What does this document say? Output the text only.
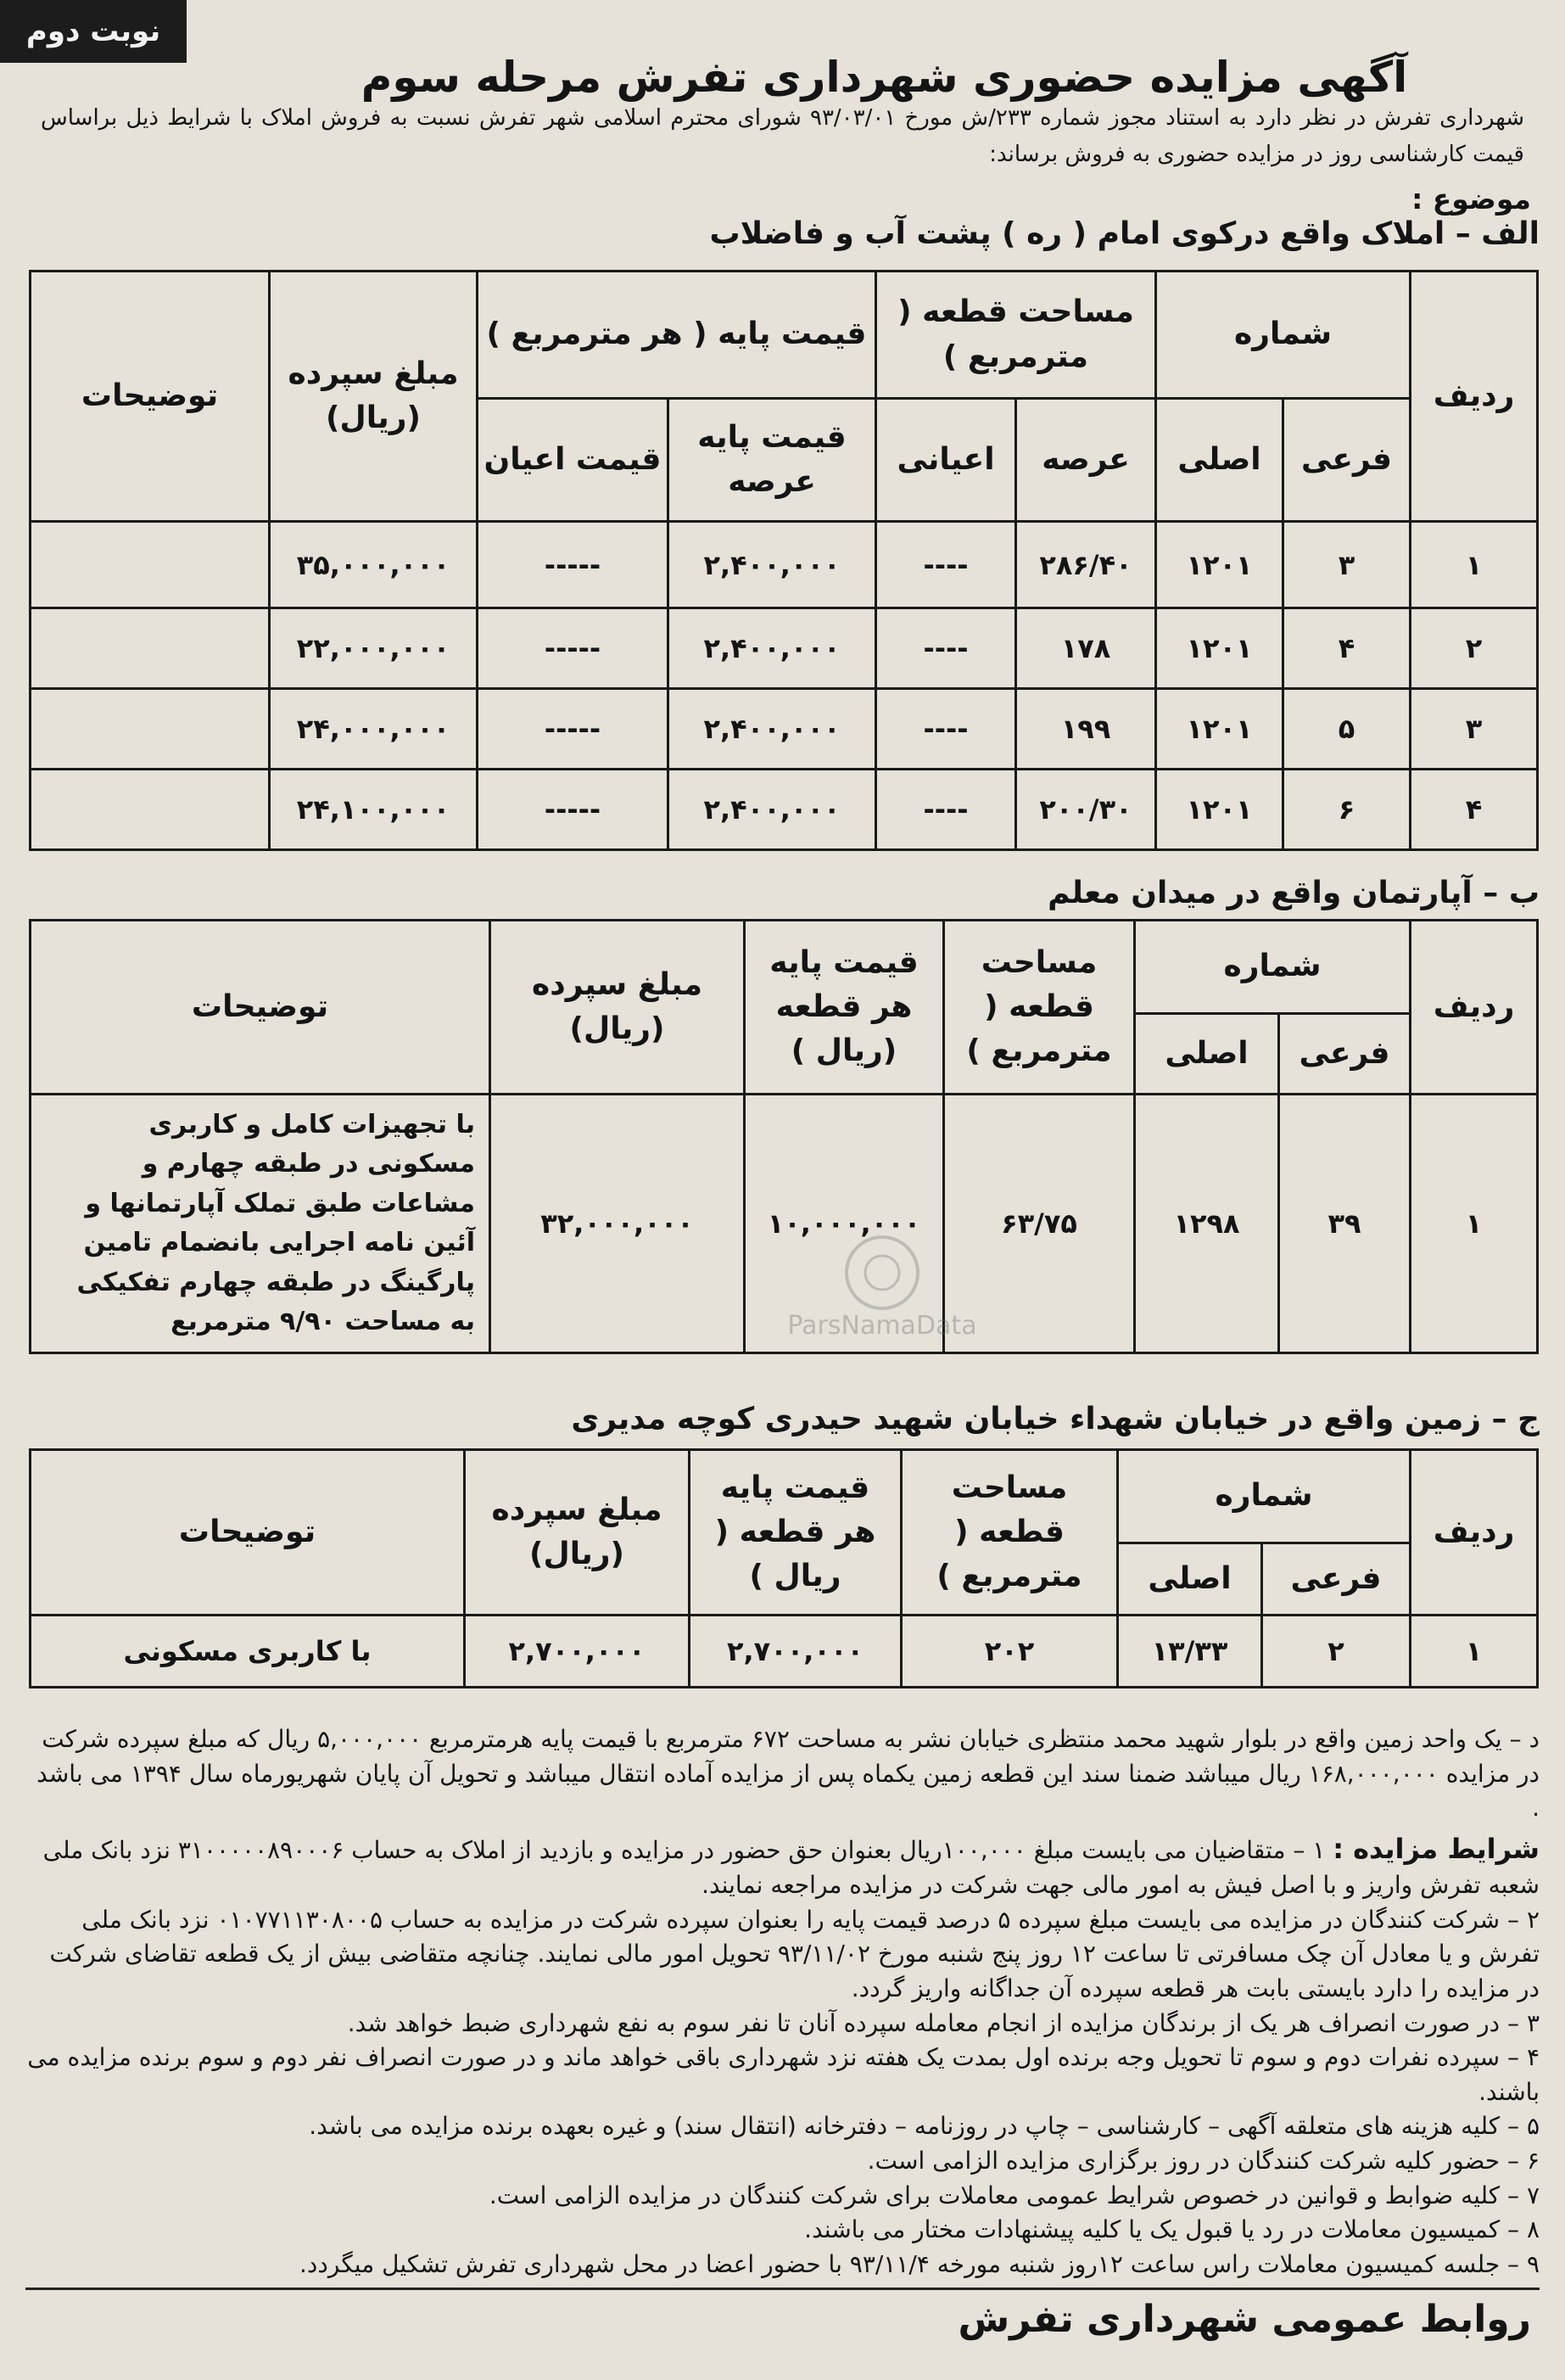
نوبت دوم
آگهی مزایده حضوری شهرداری تفرش مرحله سوم
شهرداری تفرش در نظر دارد به استناد مجوز شماره ۲۳۳/ش مورخ ۹۳/۰۳/۰۱ شورای محترم اسلامی شهر تفرش نسبت به فروش املاک با شرایط ذیل براساس قیمت کارشناسی روز در مزایده حضوری به فروش برساند:
موضوع :
الف – املاک واقع درکوی امام ( ره ) پشت آب و فاضلاب
ردیف	شماره		مساحت قطعه ( مترمربع )		قیمت پایه ( هر مترمربع )		مبلغ سپرده (ریال)	توضیحات
	فرعی	اصلی	عرصه	اعیانی	قیمت پایه عرصه	قیمت اعیان		
۱	۳	۱۲۰۱	۲۸۶/۴۰	----	۲,۴۰۰,۰۰۰	-----	۳۵,۰۰۰,۰۰۰	
۲	۴	۱۲۰۱	۱۷۸	----	۲,۴۰۰,۰۰۰	-----	۲۲,۰۰۰,۰۰۰	
۳	۵	۱۲۰۱	۱۹۹	----	۲,۴۰۰,۰۰۰	-----	۲۴,۰۰۰,۰۰۰	
۴	۶	۱۲۰۱	۲۰۰/۳۰	----	۲,۴۰۰,۰۰۰	-----	۲۴,۱۰۰,۰۰۰	
ب – آپارتمان واقع در میدان معلم
ردیف	شماره		مساحت قطعه ( مترمربع )	قیمت پایه هر قطعه (ریال )	مبلغ سپرده (ریال)	توضیحات
	فرعی	اصلی				
۱	۳۹	۱۲۹۸	۶۳/۷۵	۱۰,۰۰۰,۰۰۰	۳۲,۰۰۰,۰۰۰	با تجهیزات کامل و کاربری مسکونی در طبقه چهارم و مشاعات طبق تملک آپارتمانها و آئین نامه اجرایی بانضمام تامین پارگینگ در طبقه چهارم تفکیکی به مساحت ۹/۹۰ مترمربع	ParsNamaData
ج – زمین واقع در خیابان شهداء خیابان شهید حیدری کوچه مدیری
ردیف	شماره		مساحت قطعه ( مترمربع )	قیمت پایه هر قطعه ( ریال )	مبلغ سپرده (ریال)	توضیحات
	فرعی	اصلی				
۱	۲	۱۳/۳۳	۲۰۲	۲,۷۰۰,۰۰۰	۲,۷۰۰,۰۰۰	با کاربری مسکونی

د – یک واحد زمین واقع در بلوار شهید محمد منتظری خیابان نشر به مساحت ۶۷۲ مترمربع با قیمت پایه هرمترمربع ۵,۰۰۰,۰۰۰ ریال که مبلغ سپرده شرکت در مزایده ۱۶۸,۰۰۰,۰۰۰ ریال میباشد ضمنا سند این قطعه زمین یکماه پس از مزایده آماده انتقال میباشد و تحویل آن پایان شهریورماه سال ۱۳۹۴ می باشد .

شرایط مزایده : ۱ – متقاضیان می بایست مبلغ ۱۰۰,۰۰۰ریال بعنوان حق حضور در مزایده و بازدید از املاک به حساب ۳۱۰۰۰۰۰۸۹۰۰۰۶ نزد بانک ملی شعبه تفرش واریز و با اصل فیش به امور مالی جهت شرکت در مزایده مراجعه نمایند.

۲ – شرکت کنندگان در مزایده می بایست مبلغ سپرده ۵ درصد قیمت پایه را بعنوان سپرده شرکت در مزایده به حساب ۰۱۰۷۷۱۱۳۰۸۰۰۵ نزد بانک ملی تفرش و یا معادل آن چک مسافرتی تا ساعت ۱۲ روز پنج شنبه مورخ ۹۳/۱۱/۰۲ تحویل امور مالی نمایند. چنانچه متقاضی بیش از یک قطعه تقاضای شرکت در مزایده را دارد بایستی بابت هر قطعه سپرده آن جداگانه واریز گردد.

۳ – در صورت انصراف هر یک از برندگان مزایده از انجام معامله سپرده آنان تا نفر سوم به نفع شهرداری ضبط خواهد شد.

۴ – سپرده نفرات دوم و سوم تا تحویل وجه برنده اول بمدت یک هفته نزد شهرداری باقی خواهد ماند و در صورت انصراف نفر دوم و سوم برنده مزایده می باشند.

۵ – کلیه هزینه های متعلقه آگهی – کارشناسی – چاپ در روزنامه – دفترخانه (انتقال سند) و غیره بعهده برنده مزایده می باشد.

۶ – حضور کلیه شرکت کنندگان در روز برگزاری مزایده الزامی است.

۷ – کلیه ضوابط و قوانین در خصوص شرایط عمومی معاملات برای شرکت کنندگان در مزایده الزامی است.

۸ – کمیسیون معاملات در رد یا قبول یک یا کلیه پیشنهادات مختار می باشند.

۹ – جلسه کمیسیون معاملات راس ساعت ۱۲روز شنبه مورخه ۹۳/۱۱/۴ با حضور اعضا در محل شهرداری تفرش تشکیل میگردد.

روابط عمومی شهرداری تفرش
